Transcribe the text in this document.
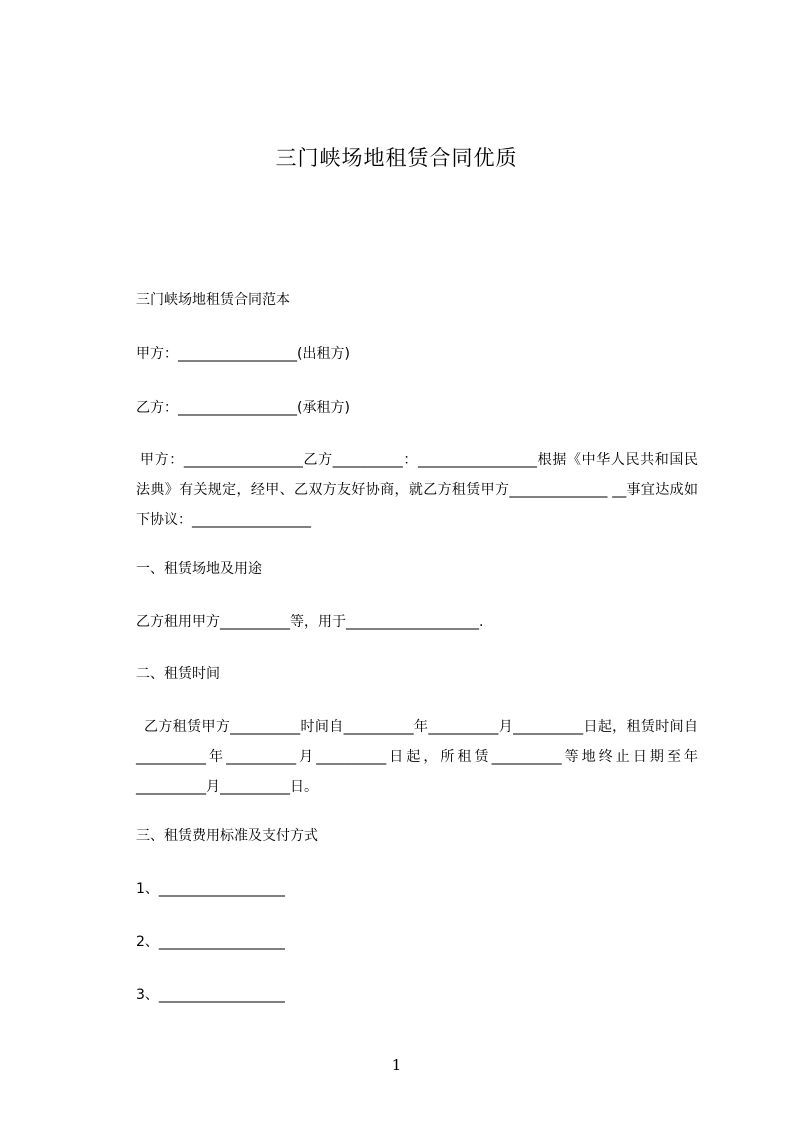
三门峡场地租赁合同优质
三门峡场地租赁合同范本
甲方：_________________(出租方)
乙方：_________________(承租方)
甲方：_________________乙方__________：_________________根据《中华人民共和国民法典》有关规定，经甲、乙双方友好协商，就乙方租赁甲方______________ __事宜达成如下协议：_________________
一、租赁场地及用途
乙方租用甲方__________等，用于___________________.
二、租赁时间
乙方租赁甲方__________时间自__________年__________月__________日起，租赁时间自__________年__________月__________日起，所租赁__________等地终止日期至年__________月__________日。
三、租赁费用标准及支付方式
1、__________________
2、__________________
3、__________________
1
